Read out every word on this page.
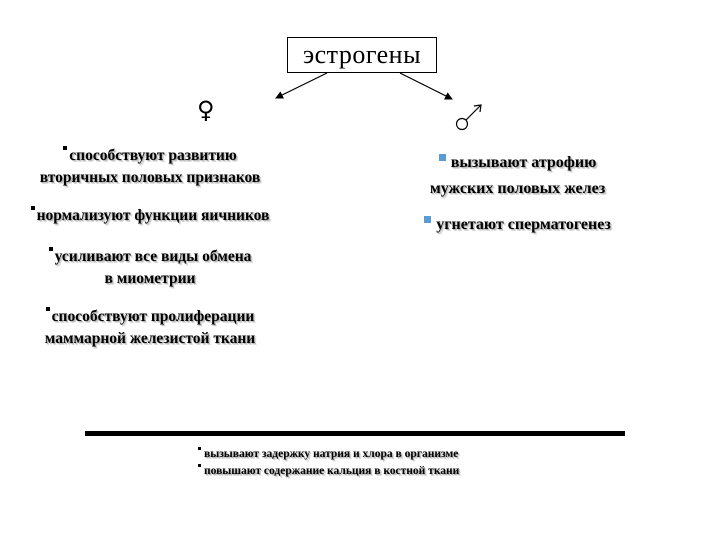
эстрогены
♀
способствуют развитию
вторичных половых признаков
нормализуют функции яичников
усиливают все виды обмена
в миометрии
способствуют пролиферации
маммарной железистой ткани
вызывают атрофию
мужских половых желез
угнетают сперматогенез
вызывают задержку натрия и хлора в организме
повышают содержание кальция в костной ткани
